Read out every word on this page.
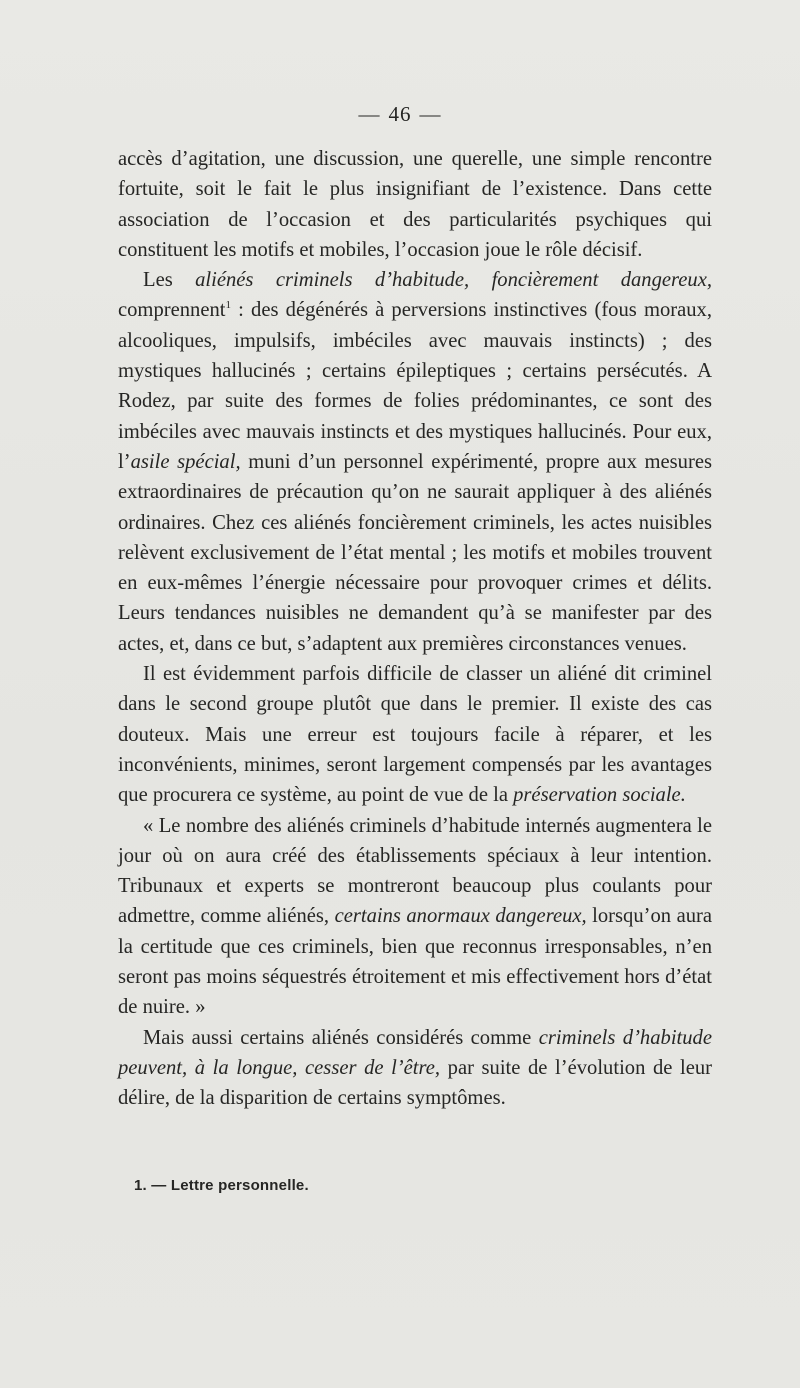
— 46 —

accès d’agitation, une discussion, une querelle, une simple rencontre fortuite, soit le fait le plus insignifiant de l’existence. Dans cette association de l’occasion et des particularités psychiques qui constituent les motifs et mobiles, l’occasion joue le rôle décisif.

Les aliénés criminels d’habitude, foncièrement dangereux, comprennent$^1$ : des dégénérés à perversions instinctives (fous moraux, alcooliques, impulsifs, imbéciles avec mauvais instincts) ; des mystiques hallucinés ; certains épileptiques ; certains persécutés. A Rodez, par suite des formes de folies prédominantes, ce sont des imbéciles avec mauvais instincts et des mystiques hallucinés. Pour eux, l’asile spécial, muni d’un personnel expérimenté, propre aux mesures extraordinaires de précaution qu’on ne saurait appliquer à des aliénés ordinaires. Chez ces aliénés foncièrement criminels, les actes nuisibles relèvent exclusivement de l’état mental ; les motifs et mobiles trouvent en eux-mêmes l’énergie nécessaire pour provoquer crimes et délits. Leurs tendances nuisibles ne demandent qu’à se manifester par des actes, et, dans ce but, s’adaptent aux premières circonstances venues.

Il est évidemment parfois difficile de classer un aliéné dit criminel dans le second groupe plutôt que dans le premier. Il existe des cas douteux. Mais une erreur est toujours facile à réparer, et les inconvénients, minimes, seront largement compensés par les avantages que procurera ce système, au point de vue de la préservation sociale.

« Le nombre des aliénés criminels d’habitude internés augmentera le jour où on aura créé des établissements spéciaux à leur intention. Tribunaux et experts se montreront beaucoup plus coulants pour admettre, comme aliénés, certains anormaux dangereux, lorsqu’on aura la certitude que ces criminels, bien que reconnus irresponsables, n’en seront pas moins séquestrés étroitement et mis effectivement hors d’état de nuire. »

Mais aussi certains aliénés considérés comme criminels d’habitude peuvent, à la longue, cesser de l’être, par suite de l’évolution de leur délire, de la disparition de certains symptômes.

1. — Lettre personnelle.
